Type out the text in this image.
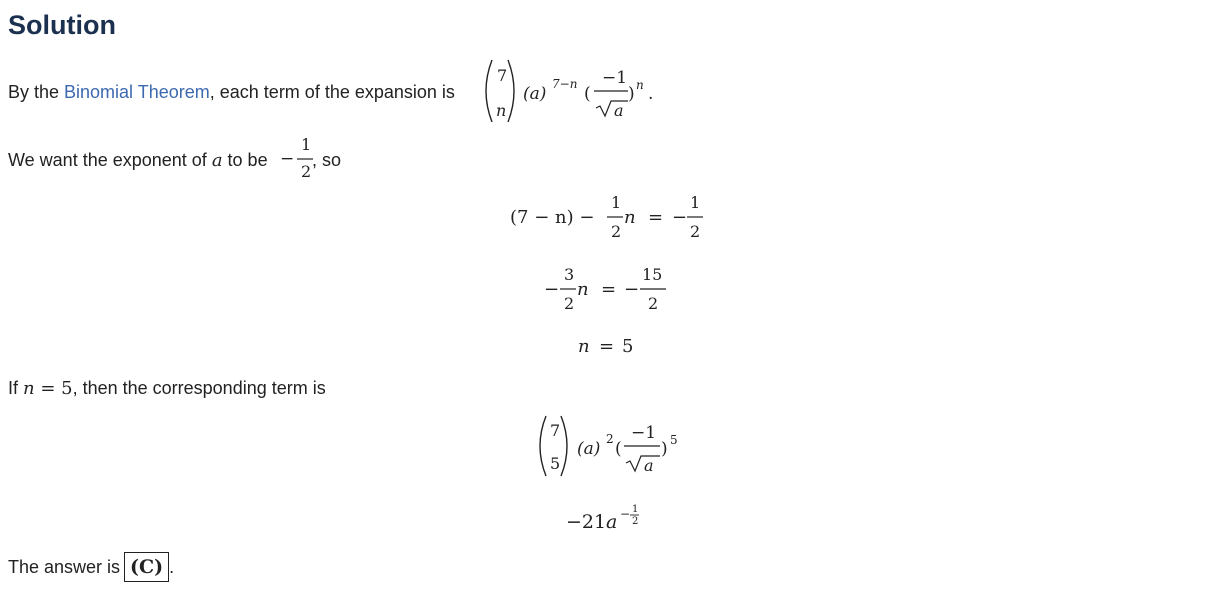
Solution
By the Binomial Theorem, each term of the expansion is
7
n
(a) 7−n (
−1
a
) n .
We want the exponent of a to be −
1
2
, so
(7 − n) −
1
2
n = −
1
2
−
3
2
n = −
15
2
n = 5
If n = 5, then the corresponding term is
7
5
(a) 2 (
−1
a
) 5
−21 a − 1
2
The answer is (C) .
